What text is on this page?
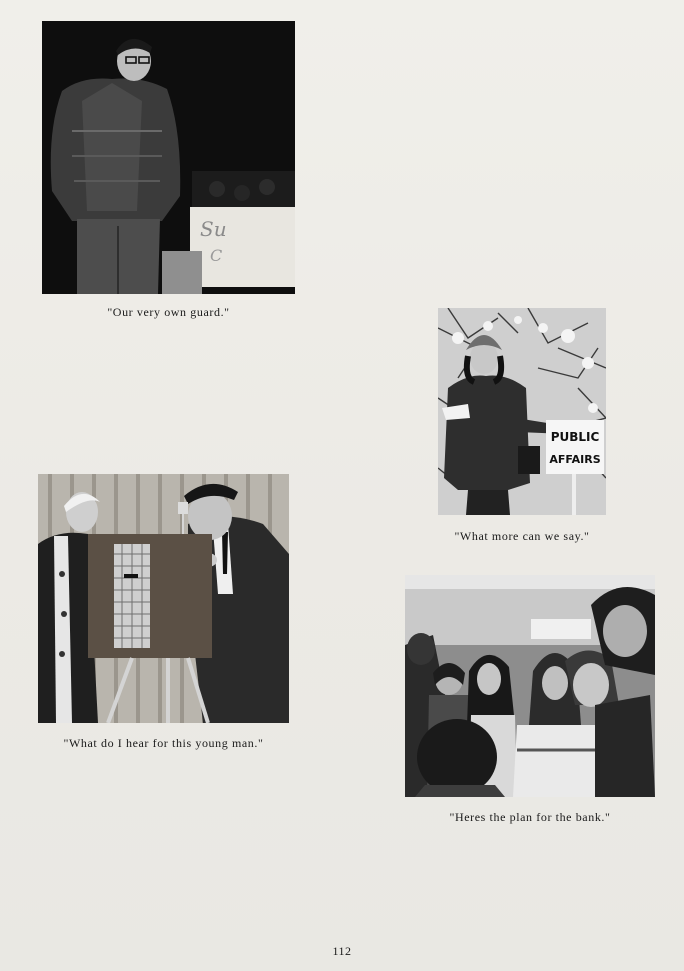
Su
C
"Our very own guard."
PUBLIC
AFFAIRS
"What more can we say."
"What do I hear for this young man."
"Heres the plan for the bank."
112
